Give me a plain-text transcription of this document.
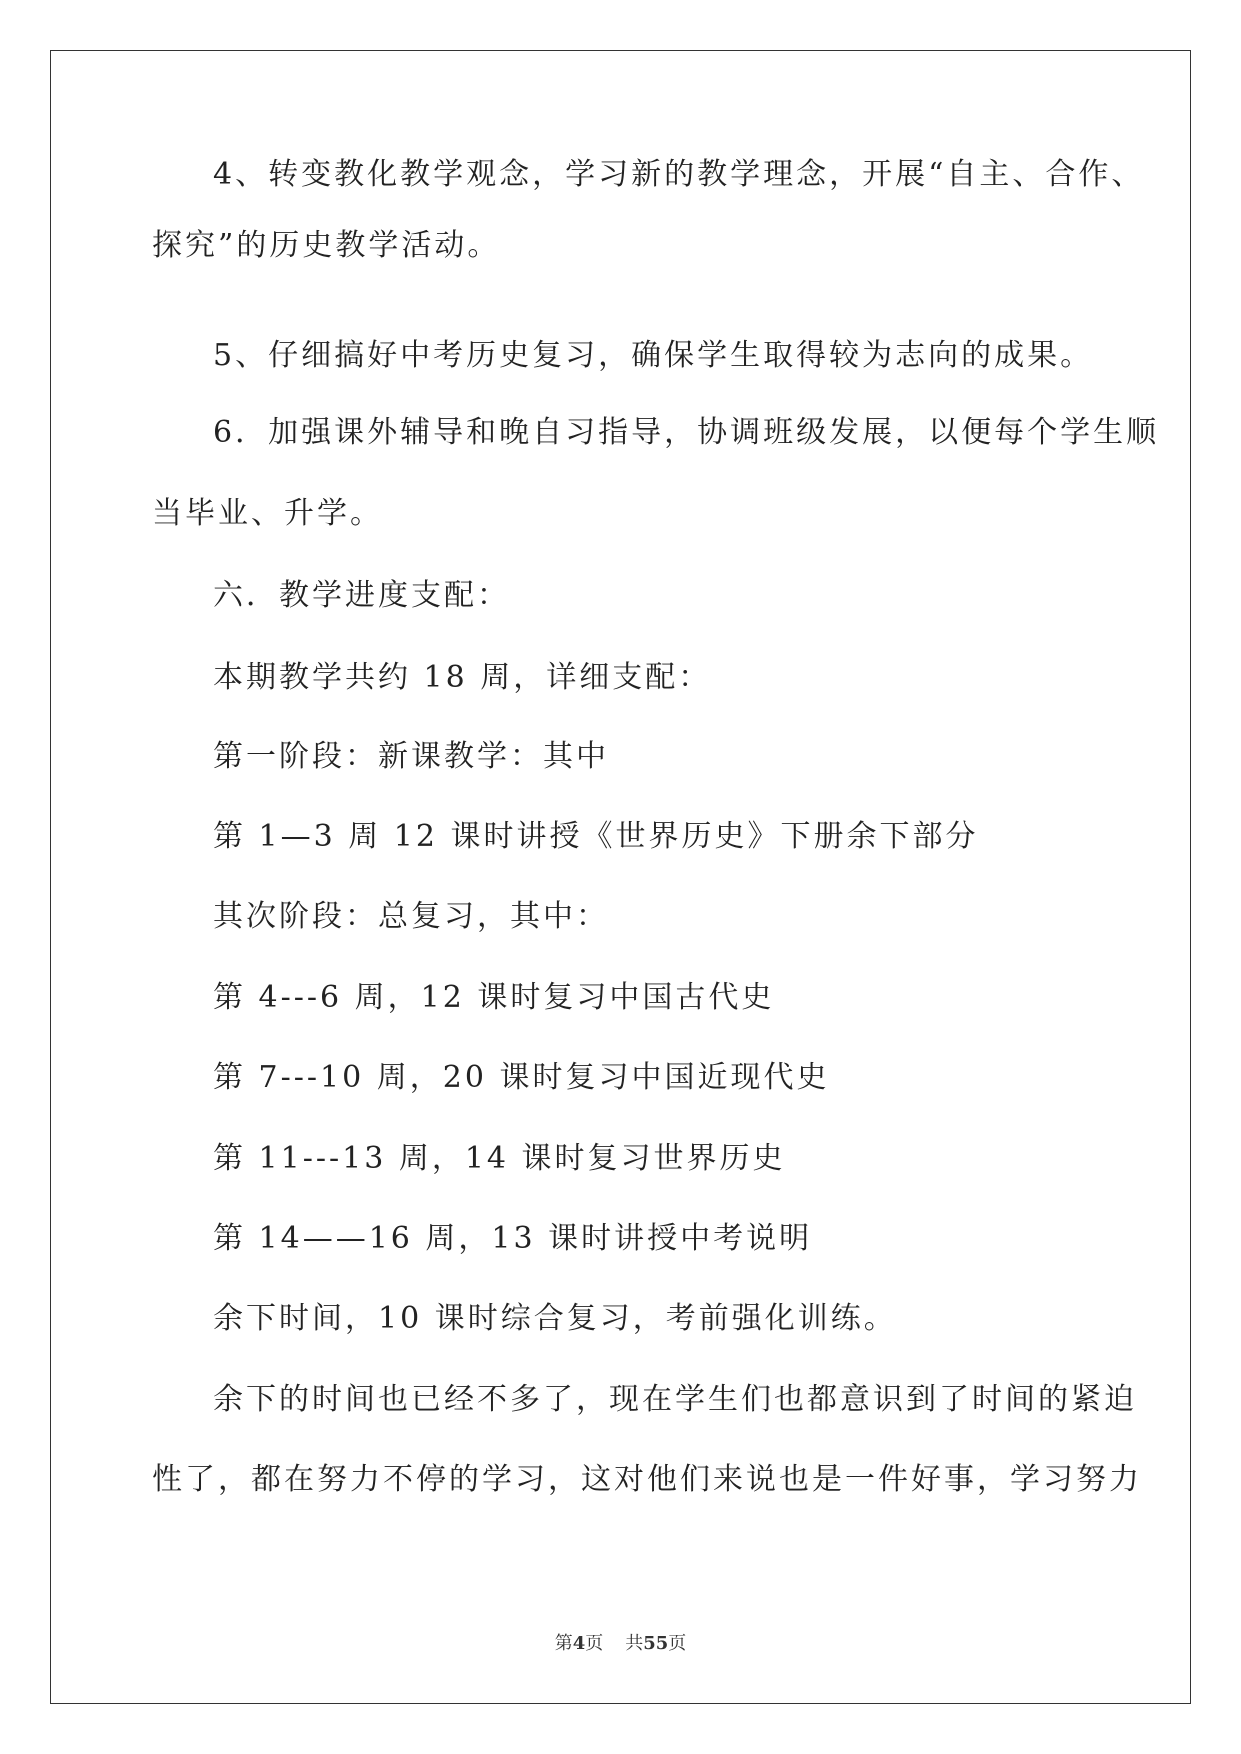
4、转变教化教学观念，学习新的教学理念，开展“自主、合作、
探究”的历史教学活动。
5、仔细搞好中考历史复习，确保学生取得较为志向的成果。
6．加强课外辅导和晚自习指导，协调班级发展，以便每个学生顺
当毕业、升学。
六．教学进度支配：
本期教学共约 18 周，详细支配：
第一阶段：新课教学：其中
第 1—3 周 12 课时讲授《世界历史》下册余下部分
其次阶段：总复习，其中：
第 4---6 周，12 课时复习中国古代史
第 7---10 周，20 课时复习中国近现代史
第 11---13 周，14 课时复习世界历史
第 14——16 周，13 课时讲授中考说明
余下时间，10 课时综合复习，考前强化训练。
余下的时间也已经不多了，现在学生们也都意识到了时间的紧迫
性了，都在努力不停的学习，这对他们来说也是一件好事，学习努力
第4页 共55页
